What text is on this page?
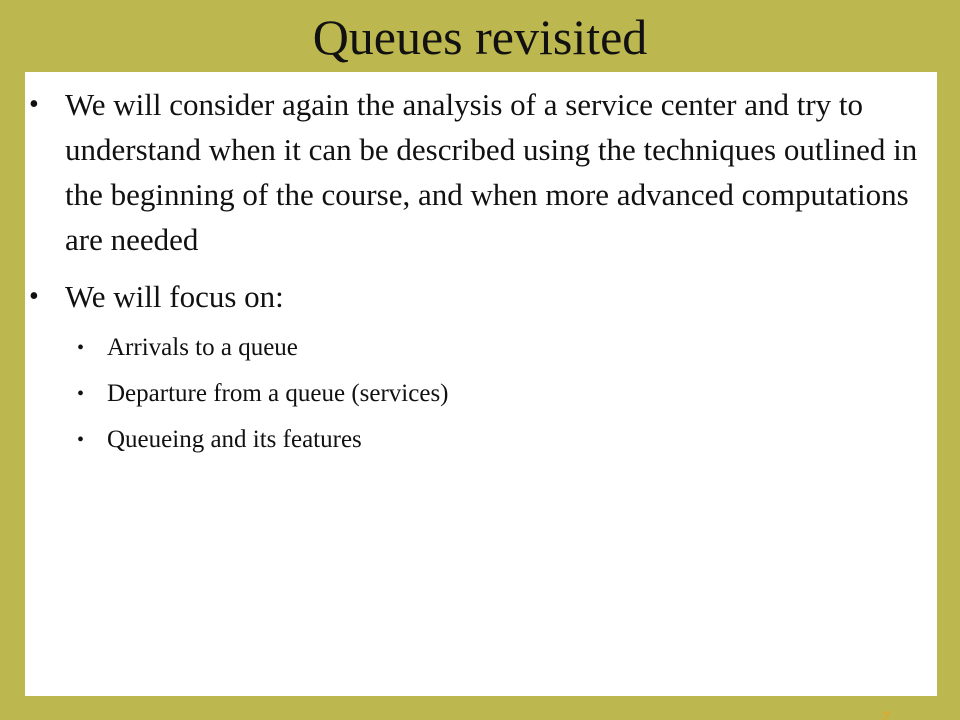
Queues revisited
• We will consider again the analysis of a service center and try to understand when it can be described using the techniques outlined in the beginning of the course, and when more advanced computations are needed
• We will focus on:
• Arrivals to a queue
• Departure from a queue (services)
• Queueing and its features
2
